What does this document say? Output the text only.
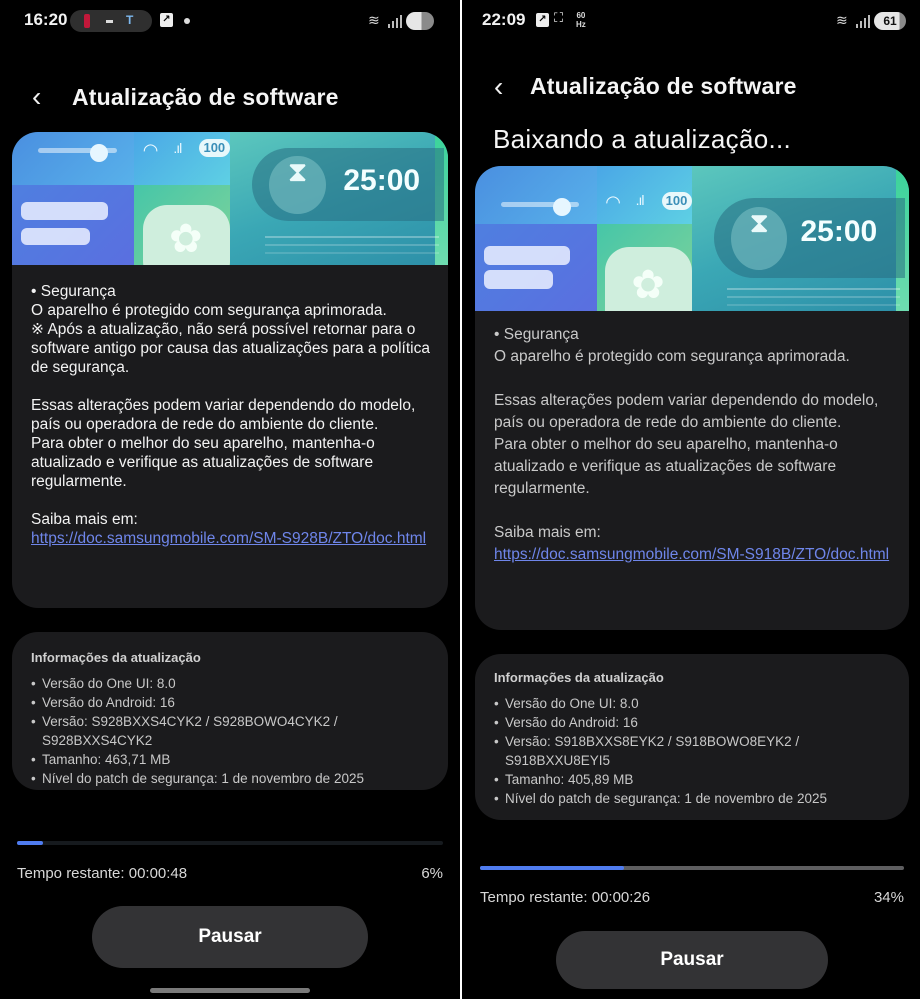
16:20	T	↗	≋
‹ Atualização de software
◠ .ıl	100
✿
⧗	25:00

• Segurança

O aparelho é protegido com segurança aprimorada.

※ Após a atualização, não será possível retornar para o software antigo por causa das atualizações para a política de segurança.

Essas alterações podem variar dependendo do modelo, país ou operadora de rede do ambiente do cliente.

Para obter o melhor do seu aparelho, mantenha-o atualizado e verifique as atualizações de software regularmente.

Saiba mais em:

https://doc.samsungmobile.com/SM-S928B/ZTO/doc.html
Informações da atualização
• Versão do One UI: 8.0
• Versão do Android: 16
• Versão: S928BXXS4CYK2 / S928BOWO4CYK2 / S928BXXS4CYK2
• Tamanho: 463,71 MB
• Nível do patch de segurança: 1 de novembro de 2025
Tempo restante: 00:00:48	6%
Pausar
22:09 ↗ ⛶ 60
Hz	≋	61
‹ Atualização de software
Baixando a atualização...
◠ .ıl	100
✿
⧗	25:00

• Segurança

O aparelho é protegido com segurança aprimorada.

Essas alterações podem variar dependendo do modelo, país ou operadora de rede do ambiente do cliente.

Para obter o melhor do seu aparelho, mantenha-o atualizado e verifique as atualizações de software regularmente.

Saiba mais em:

https://doc.samsungmobile.com/SM-S918B/ZTO/doc.html
Informações da atualização
• Versão do One UI: 8.0
• Versão do Android: 16
• Versão: S918BXXS8EYK2 / S918BOWO8EYK2 / S918BXXU8EYI5
• Tamanho: 405,89 MB
• Nível do patch de segurança: 1 de novembro de 2025
Tempo restante: 00:00:26	34%
Pausar
